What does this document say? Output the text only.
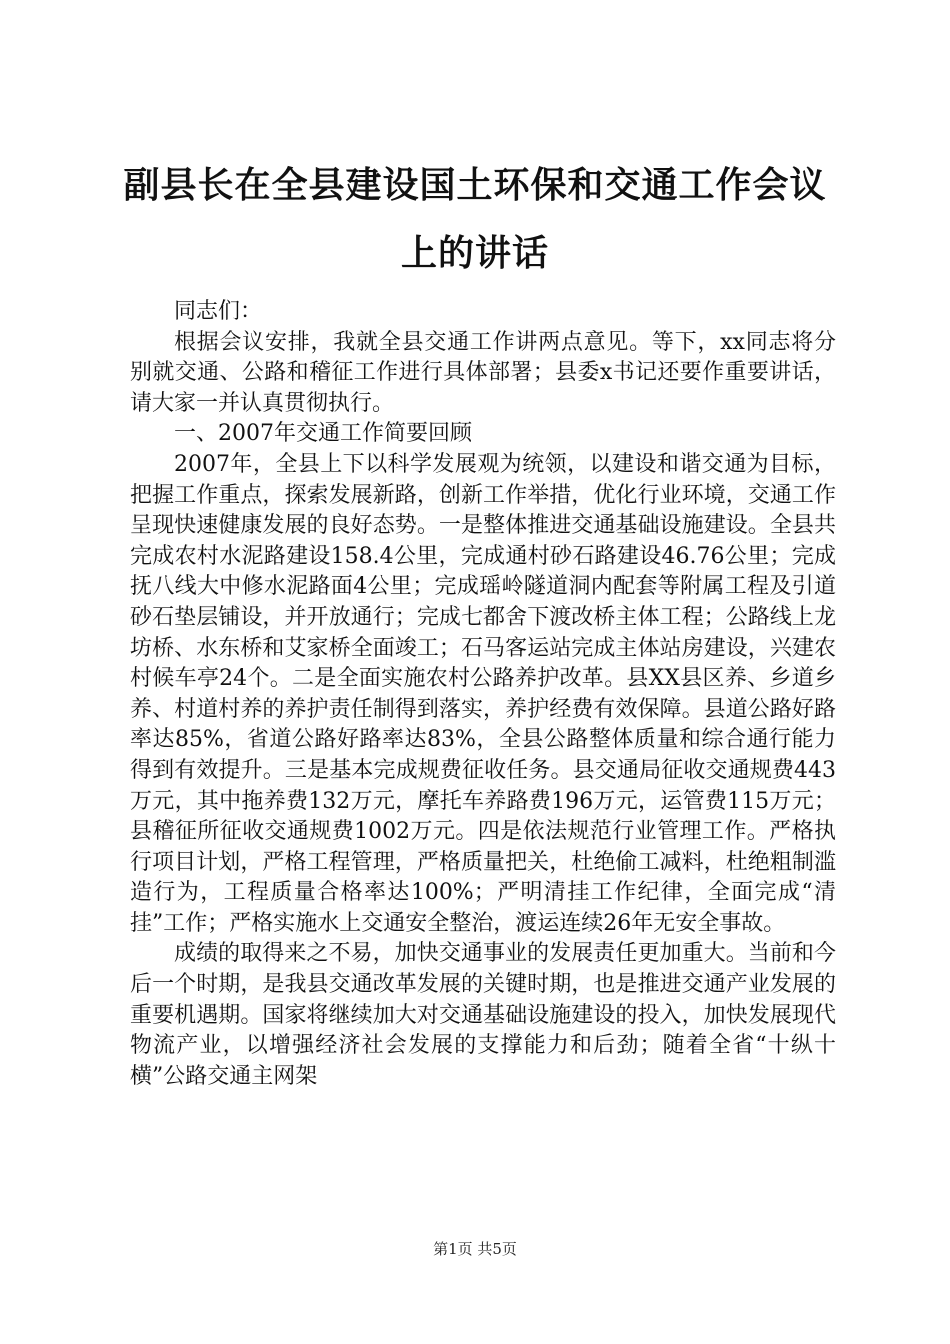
副县长在全县建设国土环保和交通工作会议上的讲话

同志们：

根据会议安排，我就全县交通工作讲两点意见。等下，xx同志将分别就交通、公路和稽征工作进行具体部署；县委x书记还要作重要讲话，请大家一并认真贯彻执行。

一、2007年交通工作简要回顾

2007年，全县上下以科学发展观为统领，以建设和谐交通为目标，把握工作重点，探索发展新路，创新工作举措，优化行业环境，交通工作呈现快速健康发展的良好态势。一是整体推进交通基础设施建设。全县共完成农村水泥路建设158.4公里，完成通村砂石路建设46.76公里；完成抚八线大中修水泥路面4公里；完成瑶岭隧道洞内配套等附属工程及引道砂石垫层铺设，并开放通行；完成七都舍下渡改桥主体工程；公路线上龙坊桥、水东桥和艾家桥全面竣工；石马客运站完成主体站房建设，兴建农村候车亭24个。二是全面实施农村公路养护改革。县XX县区养、乡道乡养、村道村养的养护责任制得到落实，养护经费有效保障。县道公路好路率达85%，省道公路好路率达83%，全县公路整体质量和综合通行能力得到有效提升。三是基本完成规费征收任务。县交通局征收交通规费443万元，其中拖养费132万元，摩托车养路费196万元，运管费115万元；县稽征所征收交通规费1002万元。四是依法规范行业管理工作。严格执行项目计划，严格工程管理，严格质量把关，杜绝偷工减料，杜绝粗制滥造行为，工程质量合格率达100%；严明清挂工作纪律，全面完成“清挂”工作；严格实施水上交通安全整治，渡运连续26年无安全事故。

成绩的取得来之不易，加快交通事业的发展责任更加重大。当前和今后一个时期，是我县交通改革发展的关键时期，也是推进交通产业发展的重要机遇期。国家将继续加大对交通基础设施建设的投入，加快发展现代物流产业，以增强经济社会发展的支撑能力和后劲；随着全省“十纵十横”公路交通主网架

第1页 共5页
